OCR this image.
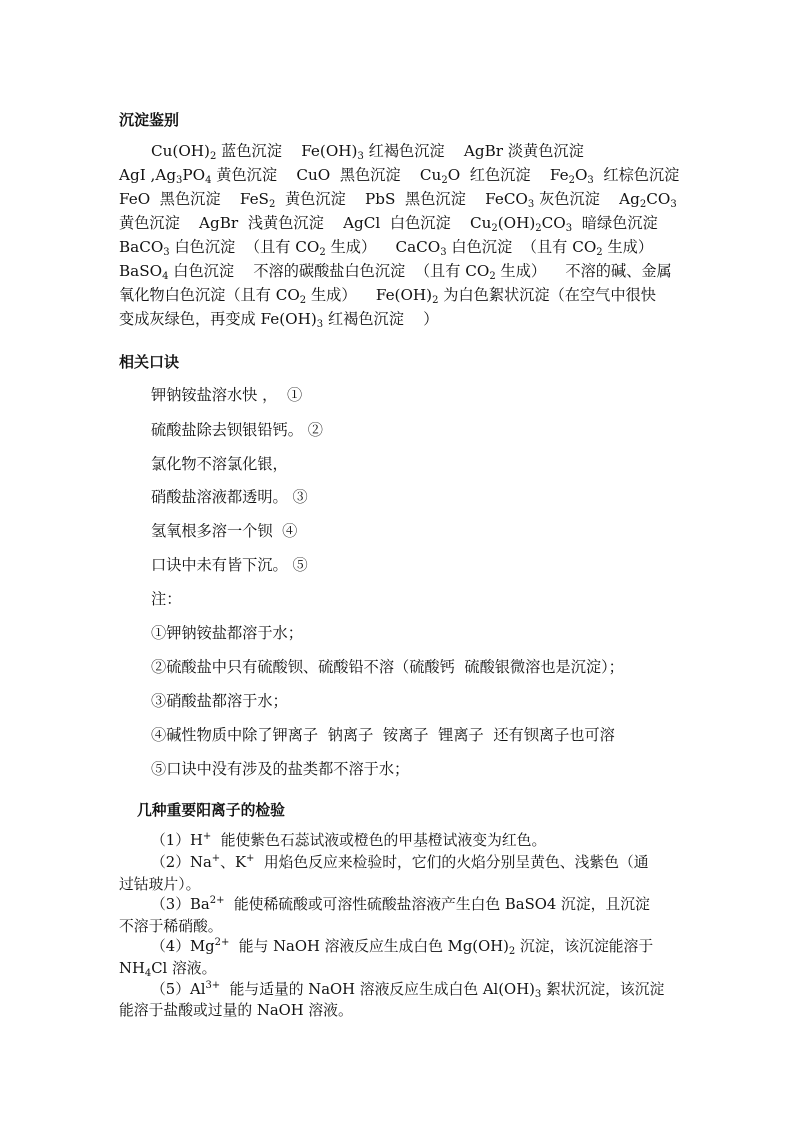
沉淀鉴别
$Cu(OH)_2$ 蓝色沉淀    $Fe(OH)_3$ 红褐色沉淀    AgBr 淡黄色沉淀
AgI $,Ag_3PO_4$ 黄色沉淀    CuO  黑色沉淀    $Cu_2O$  红色沉淀    $Fe_2O_3$  红棕色沉淀
FeO  黑色沉淀    FeS$_2$  黄色沉淀    PbS  黑色沉淀    FeCO$_3$ 灰色沉淀    $Ag_2CO_3$
黄色沉淀    AgBr  浅黄色沉淀    AgCl  白色沉淀    $Cu_2(OH)_2CO_3$  暗绿色沉淀
BaCO$_3$ 白色沉淀  （且有 $CO_2$ 生成）    CaCO$_3$ 白色沉淀  （且有 $CO_2$ 生成）
BaSO$_4$ 白色沉淀    不溶的碳酸盐白色沉淀  （且有 $CO_2$ 生成）    不溶的碱、金属
氧化物白色沉淀（且有 $CO_2$ 生成）    $Fe(OH)_2$ 为白色絮状沉淀（在空气中很快
变成灰绿色，再变成 $Fe(OH)_3$ 红褐色沉淀    ）
相关口诀
钾钠铵盐溶水快 ，  ①
硫酸盐除去钡银铅钙。 ②
氯化物不溶氯化银，
硝酸盐溶液都透明。 ③
氢氧根多溶一个钡  ④
口诀中未有皆下沉。 ⑤
注：
①钾钠铵盐都溶于水；
②硫酸盐中只有硫酸钡、硫酸铅不溶（硫酸钙  硫酸银微溶也是沉淀）；
③硝酸盐都溶于水；
④碱性物质中除了钾离子  钠离子  铵离子  锂离子  还有钡离子也可溶
⑤口诀中没有涉及的盐类都不溶于水；
几种重要阳离子的检验
（1）H+  能使紫色石蕊试液或橙色的甲基橙试液变为红色。
（2）Na+、K+  用焰色反应来检验时，它们的火焰分别呈黄色、浅紫色（通
过钴玻片）。
$(3)Ba^{2+}$  能使稀硫酸或可溶性硫酸盐溶液产生白色 BaSO4 沉淀，且沉淀
不溶于稀硝酸。
$(4)Mg^{2+}$  能与 NaOH 溶液反应生成白色 $Mg(OH)_2$ 沉淀，该沉淀能溶于
$NH_4Cl$ 溶液。
$(5)Al^{3+}$  能与适量的 NaOH 溶液反应生成白色 $Al(OH)_3$ 絮状沉淀，该沉淀
能溶于盐酸或过量的 NaOH 溶液。
